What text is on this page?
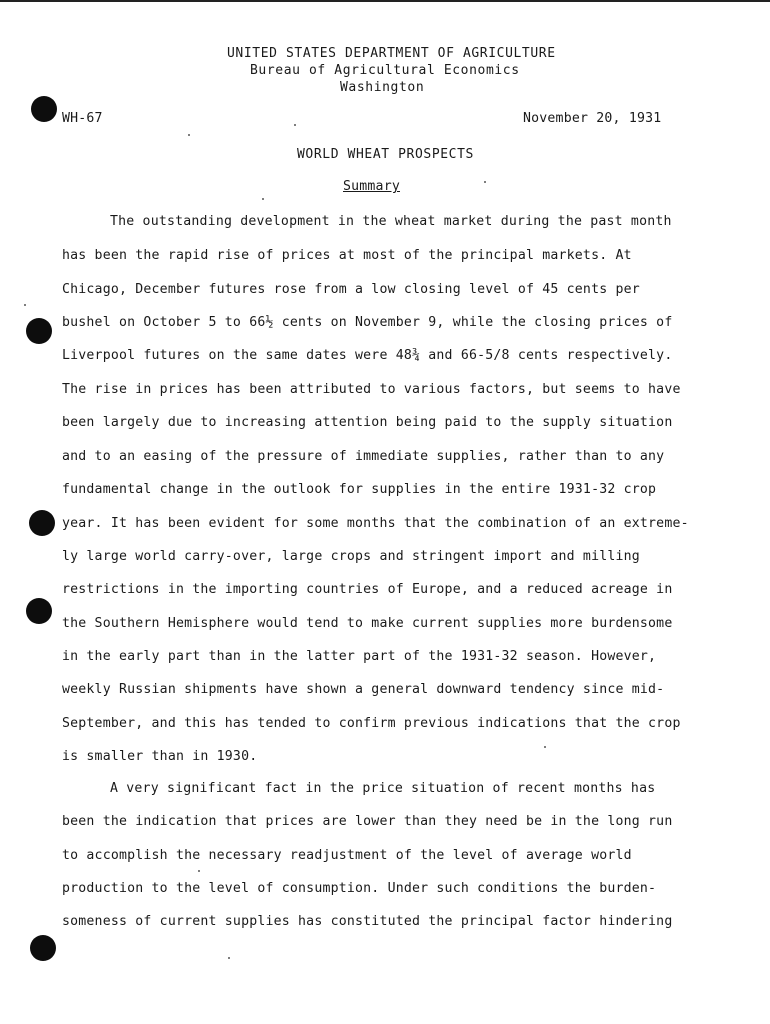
UNITED STATES DEPARTMENT OF AGRICULTURE
Bureau of Agricultural Economics
Washington
WH-67	November 20, 1931
WORLD WHEAT PROSPECTS
Summary
The outstanding development in the wheat market during the past month
has been the rapid rise of prices at most of the principal markets. At
Chicago, December futures rose from a low closing level of 45 cents per
bushel on October 5 to 66½ cents on November 9, while the closing prices of
Liverpool futures on the same dates were 48¾ and 66-5/8 cents respectively.
The rise in prices has been attributed to various factors, but seems to have
been largely due to increasing attention being paid to the supply situation
and to an easing of the pressure of immediate supplies, rather than to any
fundamental change in the outlook for supplies in the entire 1931-32 crop
year. It has been evident for some months that the combination of an extreme-
ly large world carry-over, large crops and stringent import and milling
restrictions in the importing countries of Europe, and a reduced acreage in
the Southern Hemisphere would tend to make current supplies more burdensome
in the early part than in the latter part of the 1931-32 season. However,
weekly Russian shipments have shown a general downward tendency since mid-
September, and this has tended to confirm previous indications that the crop
is smaller than in 1930.
A very significant fact in the price situation of recent months has
been the indication that prices are lower than they need be in the long run
to accomplish the necessary readjustment of the level of average world
production to the level of consumption. Under such conditions the burden-
someness of current supplies has constituted the principal factor hindering
